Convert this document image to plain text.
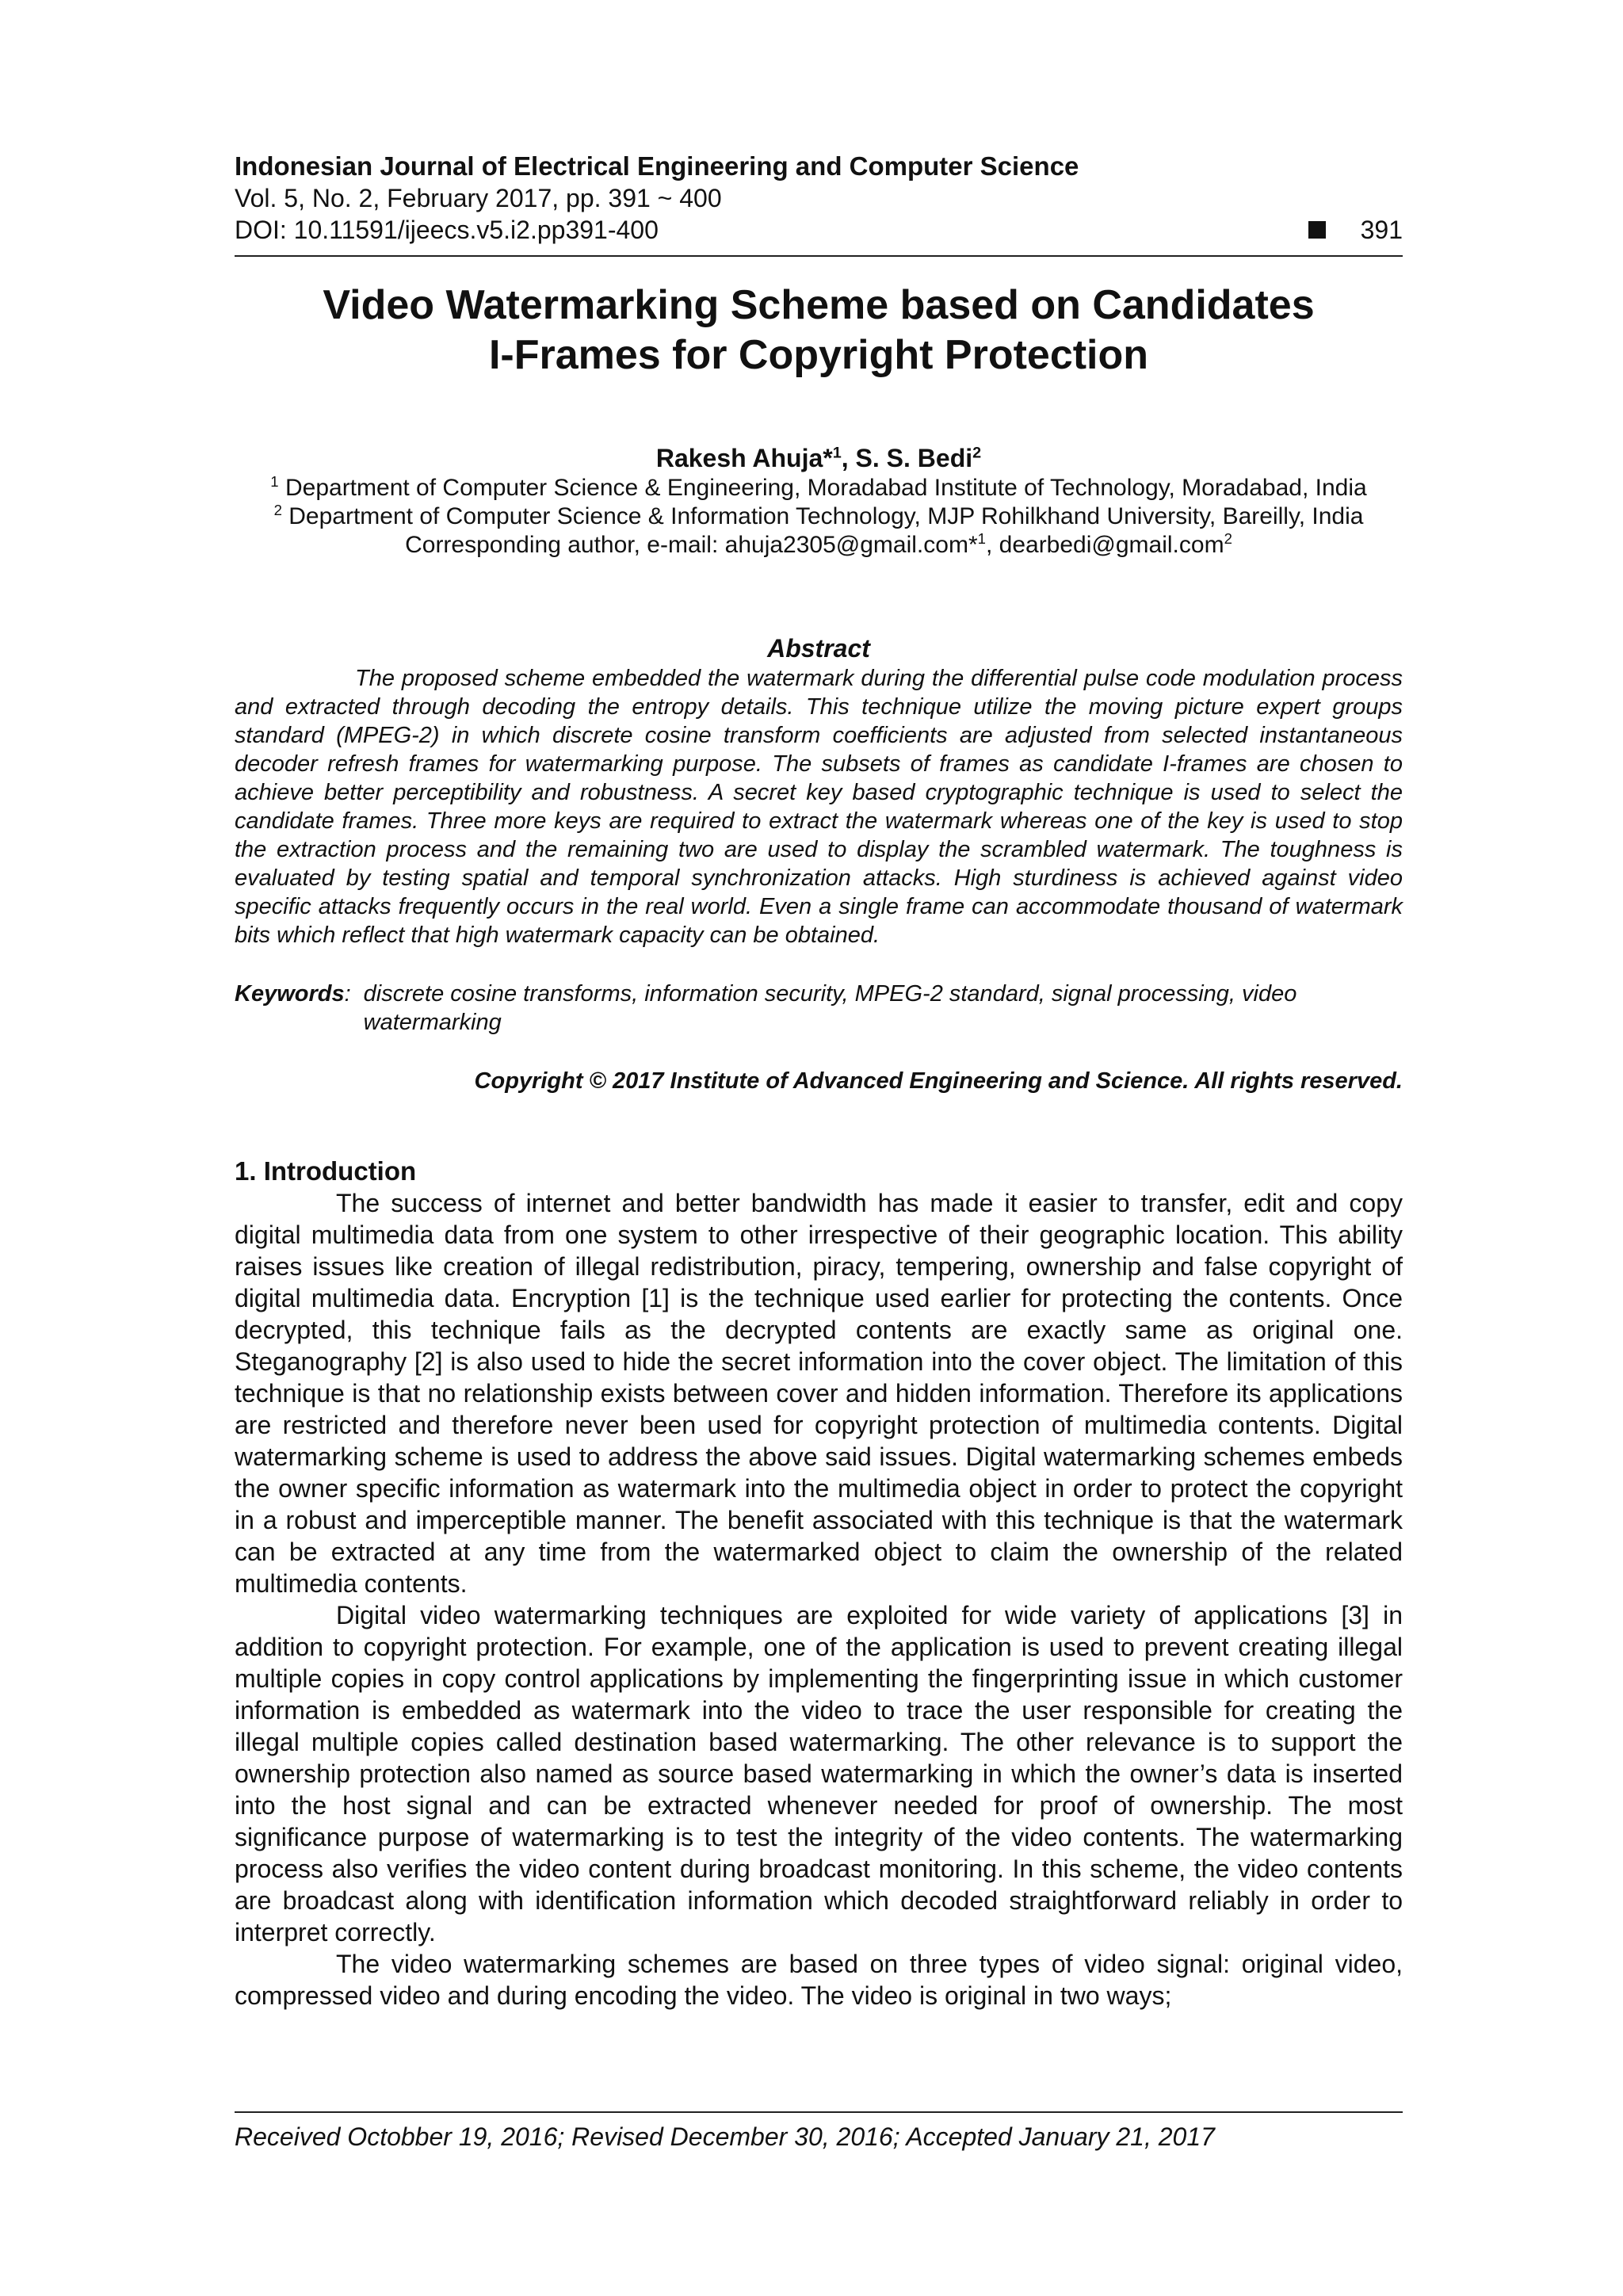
Indonesian Journal of Electrical Engineering and Computer Science

Vol. 5, No. 2, February 2017, pp. 391 ~ 400

DOI: 10.11591/ijeecs.v5.i2.pp391-400	391
Video Watermarking Scheme based on Candidates
I-Frames for Copyright Protection

Rakesh Ahuja*$^1$, S. S. Bedi$^2$

$^1$ Department of Computer Science & Engineering, Moradabad Institute of Technology, Moradabad, India

$^2$ Department of Computer Science & Information Technology, MJP Rohilkhand University, Bareilly, India

Corresponding author, e-mail: ahuja2305@gmail.com*$^1$, dearbedi@gmail.com$^2$

Abstract

The proposed scheme embedded the watermark during the differential pulse code modulation process and extracted through decoding the entropy details. This technique utilize the moving picture expert groups standard (MPEG-2) in which discrete cosine transform coefficients are adjusted from selected instantaneous decoder refresh frames for watermarking purpose. The subsets of frames as candidate I-frames are chosen to achieve better perceptibility and robustness. A secret key based cryptographic technique is used to select the candidate frames. Three more keys are required to extract the watermark whereas one of the key is used to stop the extraction process and the remaining two are used to display the scrambled watermark. The toughness is evaluated by testing spatial and temporal synchronization attacks. High sturdiness is achieved against video specific attacks frequently occurs in the real world. Even a single frame can accommodate thousand of watermark bits which reflect that high watermark capacity can be obtained.

Keywords: discrete cosine transforms, information security, MPEG-2 standard, signal processing, video watermarking

Copyright © 2017 Institute of Advanced Engineering and Science. All rights reserved.

1. Introduction

The success of internet and better bandwidth has made it easier to transfer, edit and copy digital multimedia data from one system to other irrespective of their geographic location. This ability raises issues like creation of illegal redistribution, piracy, tempering, ownership and false copyright of digital multimedia data. Encryption [1] is the technique used earlier for protecting the contents. Once decrypted, this technique fails as the decrypted contents are exactly same as original one. Steganography [2] is also used to hide the secret information into the cover object. The limitation of this technique is that no relationship exists between cover and hidden information. Therefore its applications are restricted and therefore never been used for copyright protection of multimedia contents. Digital watermarking scheme is used to address the above said issues. Digital watermarking schemes embeds the owner specific information as watermark into the multimedia object in order to protect the copyright in a robust and imperceptible manner. The benefit associated with this technique is that the watermark can be extracted at any time from the watermarked object to claim the ownership of the related multimedia contents.

Digital video watermarking techniques are exploited for wide variety of applications [3] in addition to copyright protection. For example, one of the application is used to prevent creating illegal multiple copies in copy control applications by implementing the fingerprinting issue in which customer information is embedded as watermark into the video to trace the user responsible for creating the illegal multiple copies called destination based watermarking. The other relevance is to support the ownership protection also named as source based watermarking in which the owner’s data is inserted into the host signal and can be extracted whenever needed for proof of ownership. The most significance purpose of watermarking is to test the integrity of the video contents. The watermarking process also verifies the video content during broadcast monitoring. In this scheme, the video contents are broadcast along with identification information which decoded straightforward reliably in order to interpret correctly.

The video watermarking schemes are based on three types of video signal: original video, compressed video and during encoding the video. The video is original in two ways;

Received Octobber 19, 2016; Revised December 30, 2016; Accepted January 21, 2017
